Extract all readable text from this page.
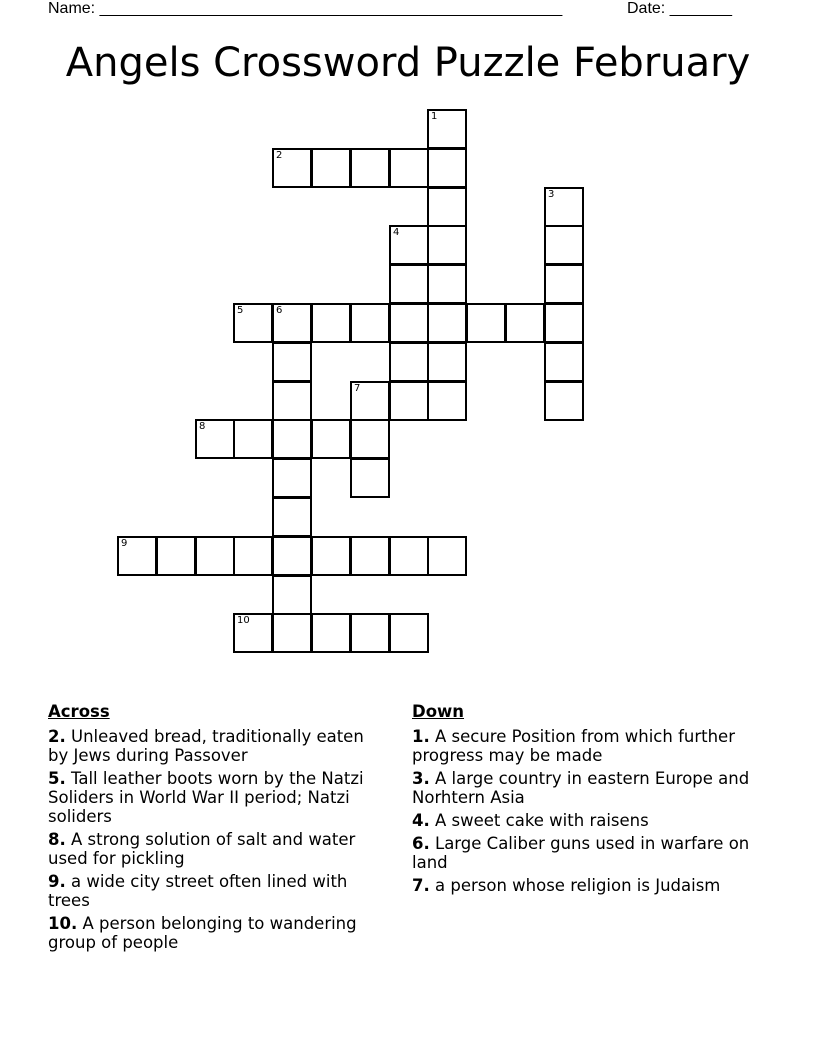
Name: ____________________________________________________	Date: _______
Angels Crossword Puzzle February
1
2
3
4
5	6
7
8
9
10
Across
2. Unleaved bread, traditionally eaten by Jews during Passover
5. Tall leather boots worn by the Natzi Soliders in World War II period; Natzi soliders
8. A strong solution of salt and water used for pickling
9. a wide city street often lined with trees
10. A person belonging to wandering group of people
Down
1. A secure Position from which further progress may be made
3. A large country in eastern Europe and Norhtern Asia
4. A sweet cake with raisens
6. Large Caliber guns used in warfare on land
7. a person whose religion is Judaism
